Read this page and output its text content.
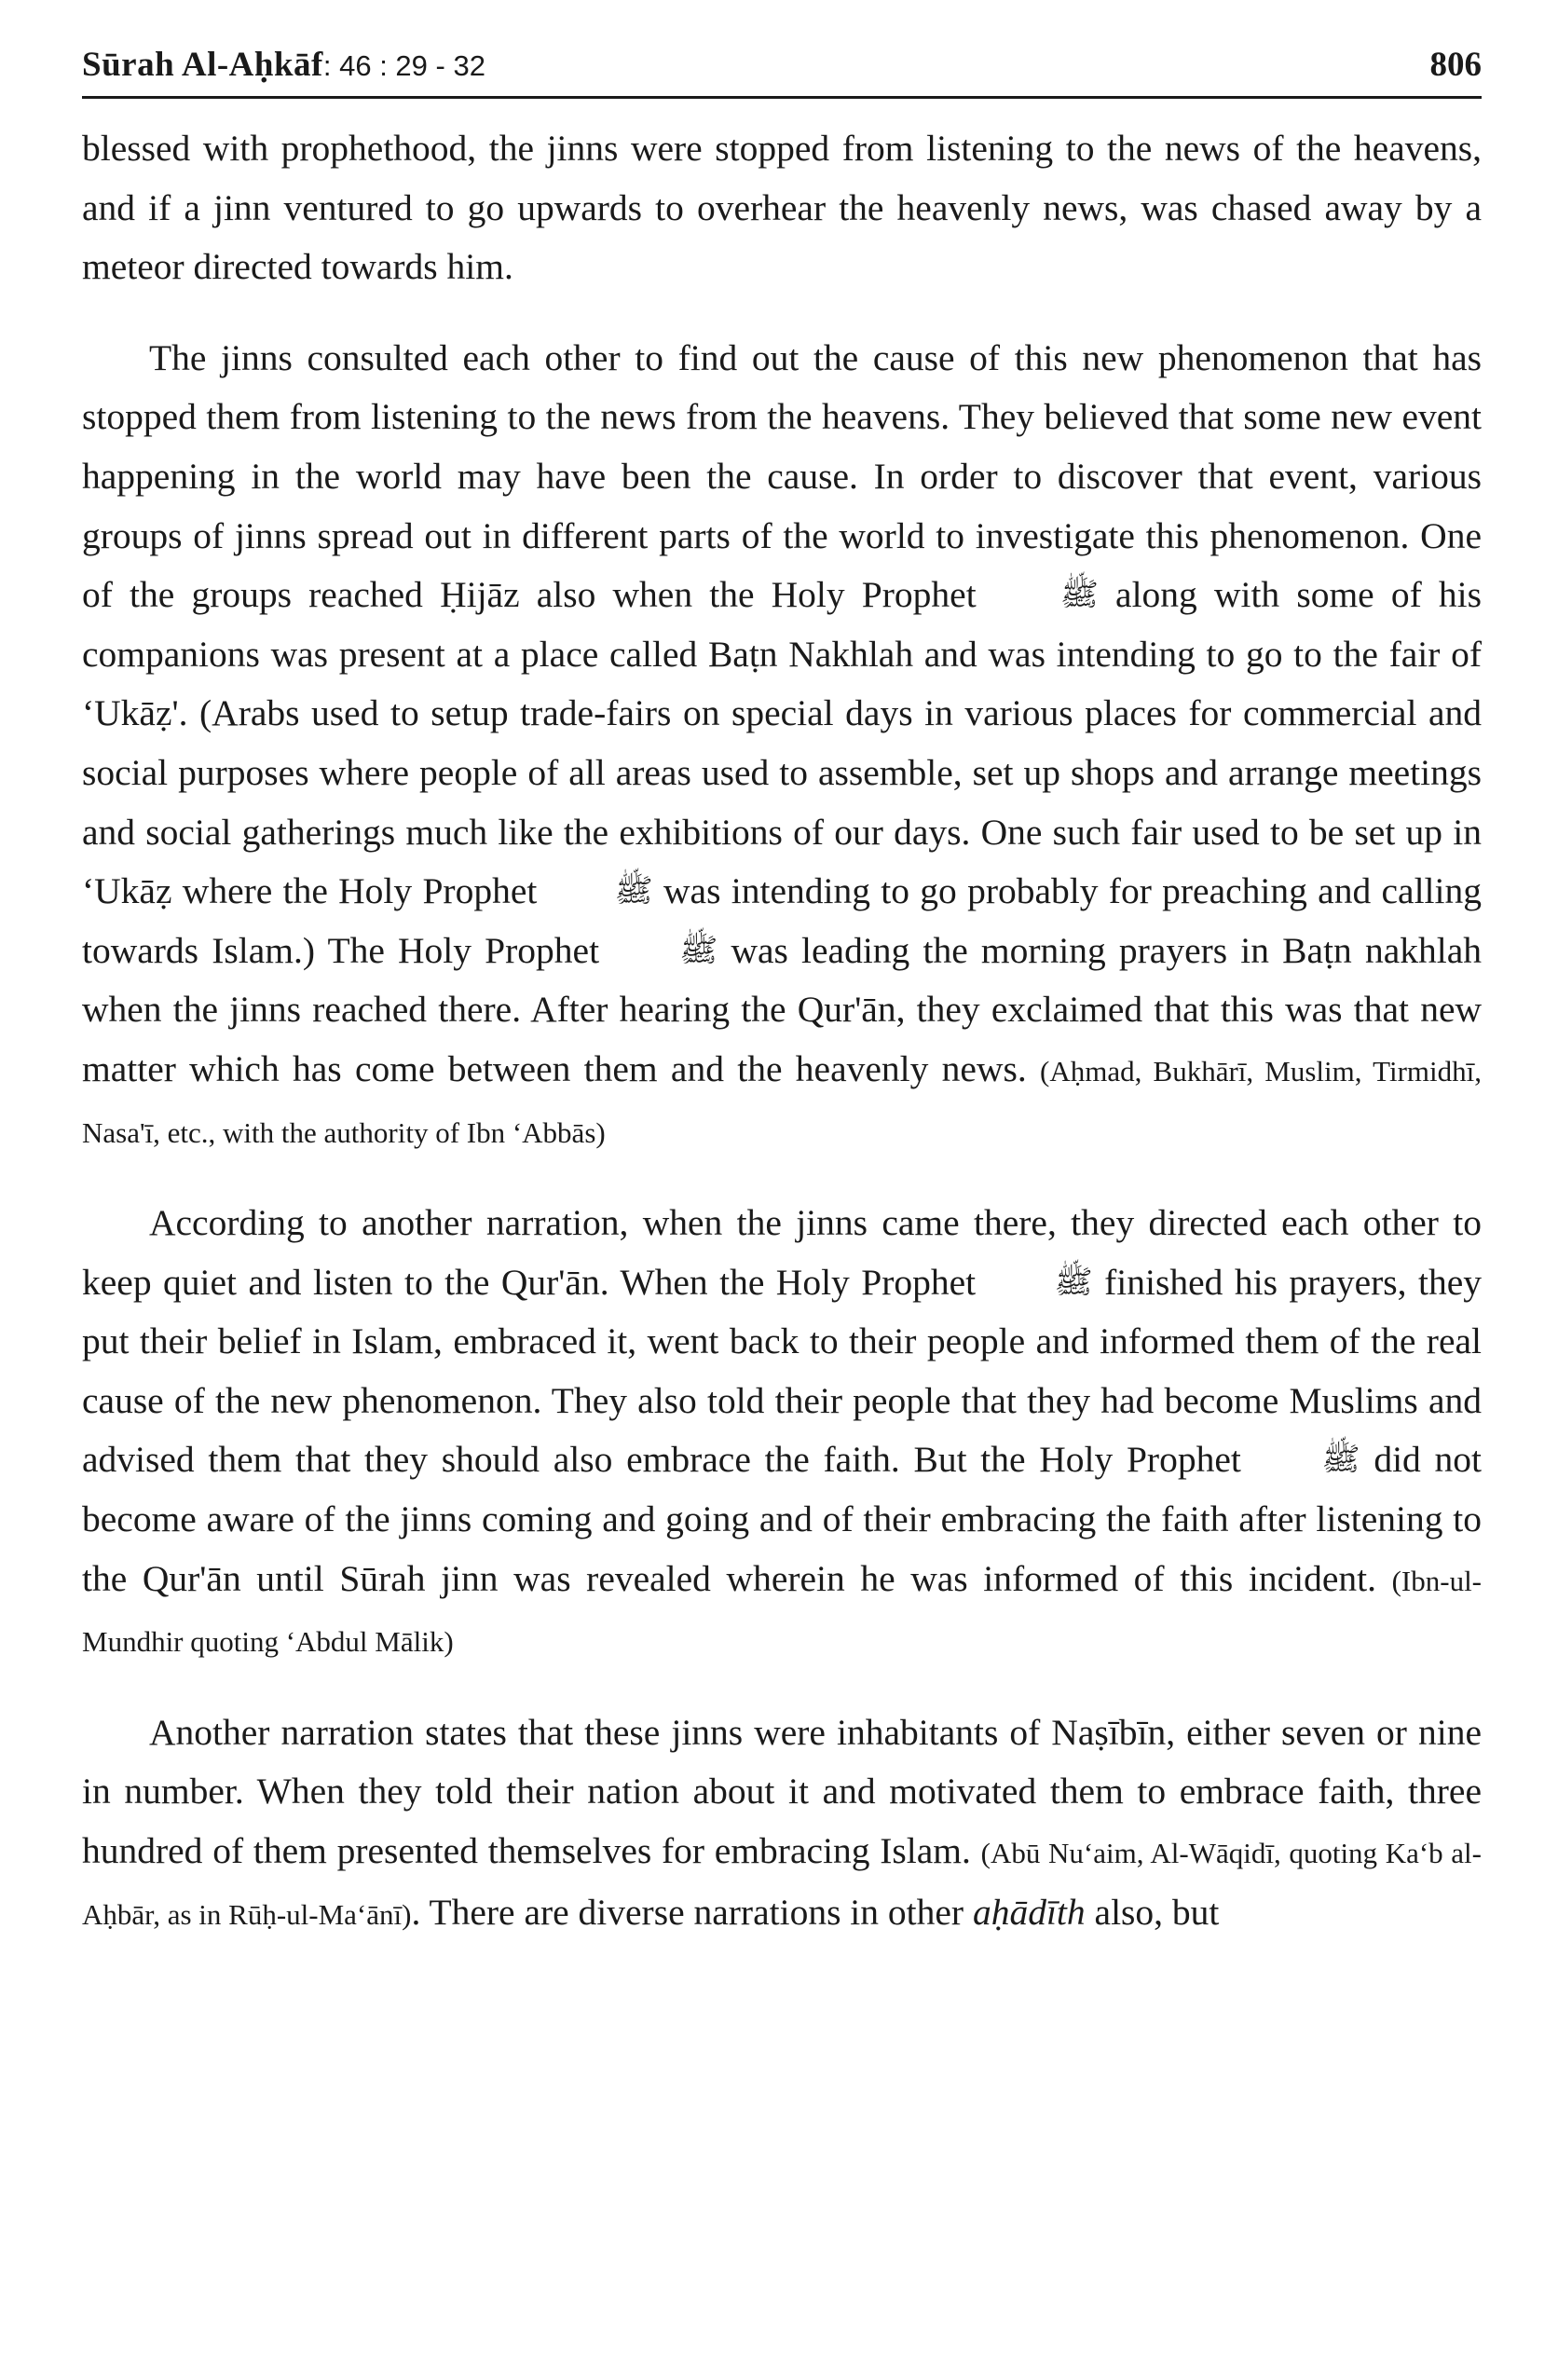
Sūrah Al-Aḥkāf: 46 : 29 - 32	806

blessed with prophethood, the jinns were stopped from listening to the news of the heavens, and if a jinn ventured to go upwards to overhear the heavenly news, was chased away by a meteor directed towards him.

The jinns consulted each other to find out the cause of this new phenomenon that has stopped them from listening to the news from the heavens. They believed that some new event happening in the world may have been the cause. In order to discover that event, various groups of jinns spread out in different parts of the world to investigate this phenomenon. One of the groups reached Ḥijāz also when the Holy Prophet ﷺ along with some of his companions was present at a place called Baṭn Nakhlah and was intending to go to the fair of ‘Ukāẓ'. (Arabs used to setup trade-fairs on special days in various places for commercial and social purposes where people of all areas used to assemble, set up shops and arrange meetings and social gatherings much like the exhibitions of our days. One such fair used to be set up in ‘Ukāẓ where the Holy Prophet ﷺ was intending to go probably for preaching and calling towards Islam.) The Holy Prophet ﷺ was leading the morning prayers in Baṭn nakhlah when the jinns reached there. After hearing the Qur'ān, they exclaimed that this was that new matter which has come between them and the heavenly news. (Aḥmad, Bukhārī, Muslim, Tirmidhī, Nasa'ī, etc., with the authority of Ibn ‘Abbās)

According to another narration, when the jinns came there, they directed each other to keep quiet and listen to the Qur'ān. When the Holy Prophet ﷺ finished his prayers, they put their belief in Islam, embraced it, went back to their people and informed them of the real cause of the new phenomenon. They also told their people that they had become Muslims and advised them that they should also embrace the faith. But the Holy Prophet ﷺ did not become aware of the jinns coming and going and of their embracing the faith after listening to the Qur'ān until Sūrah jinn was revealed wherein he was informed of this incident. (Ibn-ul-Mundhir quoting ‘Abdul Mālik)

Another narration states that these jinns were inhabitants of Naṣībīn, either seven or nine in number. When they told their nation about it and motivated them to embrace faith, three hundred of them presented themselves for embracing Islam. (Abū Nu‘aim, Al-Wāqidī, quoting Ka‘b al-Aḥbār, as in Rūḥ-ul-Ma‘ānī). There are diverse narrations in other aḥādīth also, but
